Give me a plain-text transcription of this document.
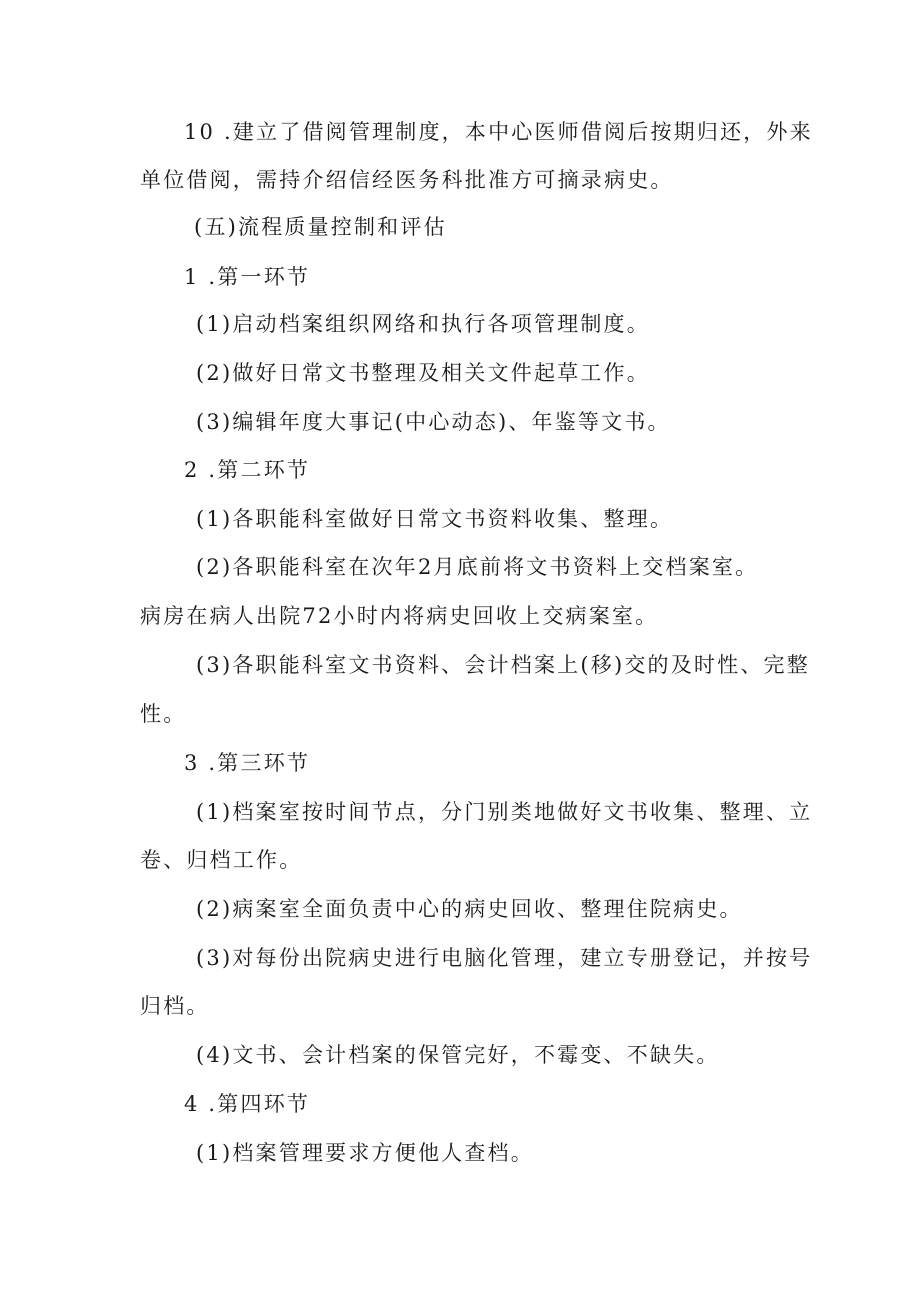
10 .建立了借阅管理制度，本中心医师借阅后按期归还，外来
单位借阅，需持介绍信经医务科批准方可摘录病史。
(五)流程质量控制和评估
1 .第一环节
(1)启动档案组织网络和执行各项管理制度。
(2)做好日常文书整理及相关文件起草工作。
(3)编辑年度大事记(中心动态)、年鉴等文书。
2 .第二环节
(1)各职能科室做好日常文书资料收集、整理。
(2)各职能科室在次年2月底前将文书资料上交档案室。
病房在病人出院72小时内将病史回收上交病案室。
(3)各职能科室文书资料、会计档案上(移)交的及时性、完整
性。
3 .第三环节
(1)档案室按时间节点，分门别类地做好文书收集、整理、立
卷、归档工作。
(2)病案室全面负责中心的病史回收、整理住院病史。
(3)对每份出院病史进行电脑化管理，建立专册登记，并按号
归档。
(4)文书、会计档案的保管完好，不霉变、不缺失。
4 .第四环节
(1)档案管理要求方便他人查档。
